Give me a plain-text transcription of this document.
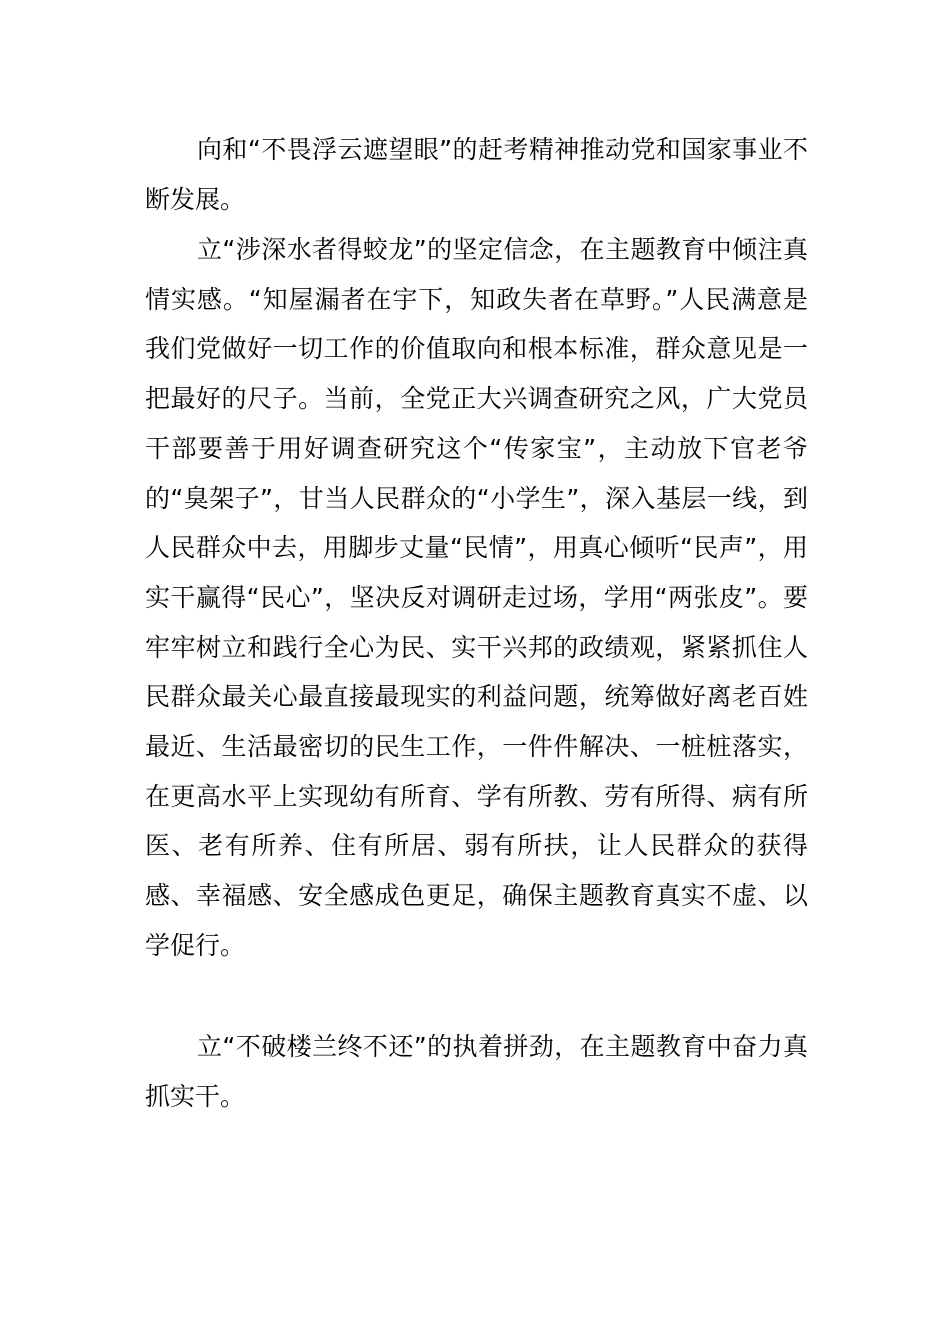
向和“不畏浮云遮望眼”的赶考精神推动党和国家事业不断发展。

立“涉深水者得蛟龙”的坚定信念，在主题教育中倾注真情实感。“知屋漏者在宇下，知政失者在草野。”人民满意是我们党做好一切工作的价值取向和根本标准，群众意见是一把最好的尺子。当前，全党正大兴调查研究之风，广大党员干部要善于用好调查研究这个“传家宝”，主动放下官老爷的“臭架子”，甘当人民群众的“小学生”，深入基层一线，到人民群众中去，用脚步丈量“民情”，用真心倾听“民声”，用实干赢得“民心”，坚决反对调研走过场，学用“两张皮”。要牢牢树立和践行全心为民、实干兴邦的政绩观，紧紧抓住人民群众最关心最直接最现实的利益问题，统筹做好离老百姓最近、生活最密切的民生工作，一件件解决、一桩桩落实，在更高水平上实现幼有所育、学有所教、劳有所得、病有所医、老有所养、住有所居、弱有所扶，让人民群众的获得感、幸福感、安全感成色更足，确保主题教育真实不虚、以学促行。

立“不破楼兰终不还”的执着拼劲，在主题教育中奋力真抓实干。
